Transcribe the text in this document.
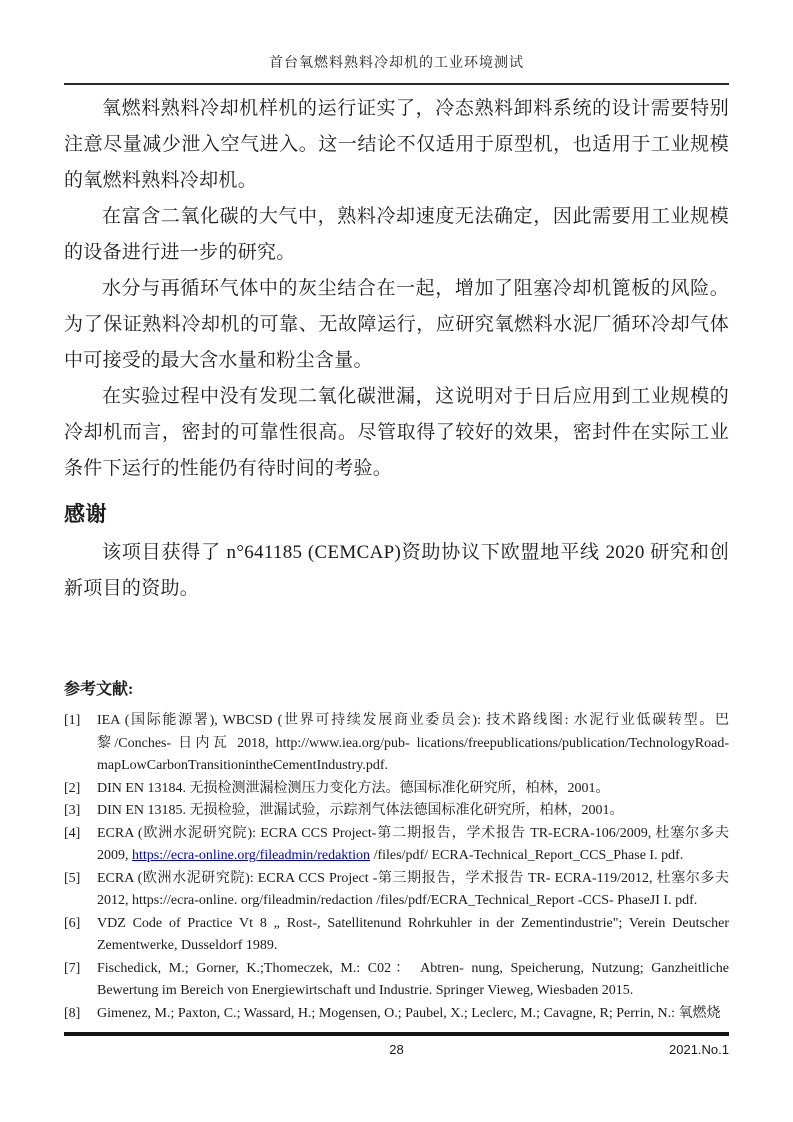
首台氧燃料熟料冷却机的工业环境测试

氧燃料熟料冷却机样机的运行证实了，冷态熟料卸料系统的设计需要特别注意尽量减少泄入空气进入。这一结论不仅适用于原型机，也适用于工业规模的氧燃料熟料冷却机。

在富含二氧化碳的大气中，熟料冷却速度无法确定，因此需要用工业规模的设备进行进一步的研究。

水分与再循环气体中的灰尘结合在一起，增加了阻塞冷却机篦板的风险。为了保证熟料冷却机的可靠、无故障运行，应研究氧燃料水泥厂循环冷却气体中可接受的最大含水量和粉尘含量。

在实验过程中没有发现二氧化碳泄漏，这说明对于日后应用到工业规模的冷却机而言，密封的可靠性很高。尽管取得了较好的效果，密封件在实际工业条件下运行的性能仍有待时间的考验。

感谢

该项目获得了 n°641185 (CEMCAP)资助协议下欧盟地平线 2020 研究和创新项目的资助。

参考文献:
[1] IEA (国际能源署), WBCSD (世界可持续发展商业委员会): 技术路线图: 水泥行业低碳转型。巴黎/Conches- 日内瓦 2018, http://www.iea.org/pub- lications/freepublications/publication/TechnologyRoad-mapLowCarbonTransitionintheCementIndustry.pdf.
[2] DIN EN 13184. 无损检测泄漏检测压力变化方法。德国标准化研究所，柏林，2001。
[3] DIN EN 13185. 无损检验，泄漏试验，示踪剂气体法德国标准化研究所，柏林，2001。
[4] ECRA (欧洲水泥研究院): ECRA CCS Project-第二期报告，学术报告 TR-ECRA-106/2009, 杜塞尔多夫 2009, https://ecra-online.org/fileadmin/redaktion /files/pdf/ ECRA-Technical_Report_CCS_Phase I. pdf.
[5] ECRA (欧洲水泥研究院): ECRA CCS Project -第三期报告，学术报告 TR- ECRA-119/2012, 杜塞尔多夫 2012, https://ecra-online. org/fileadmin/redaction /files/pdf/ECRA_Technical_Report -CCS- PhaseJI I. pdf.
[6] VDZ Code of Practice Vt 8 „ Rost-, Satellitenund Rohrkuhler in der Zementindustrie"; Verein Deutscher Zementwerke, Dusseldorf 1989.
[7] Fischedick, M.; Gorner, K.;Thomeczek, M.: C02： Abtren- nung, Speicherung, Nutzung; Ganzheitliche Bewertung im Bereich von Energiewirtschaft und Industrie. Springer Vieweg, Wiesbaden 2015.
[8] Gimenez, M.; Paxton, C.; Wassard, H.; Mogensen, O.; Paubel, X.; Leclerc, M.; Cavagne, R; Perrin, N.: 氧燃烧
28	2021.No.1
